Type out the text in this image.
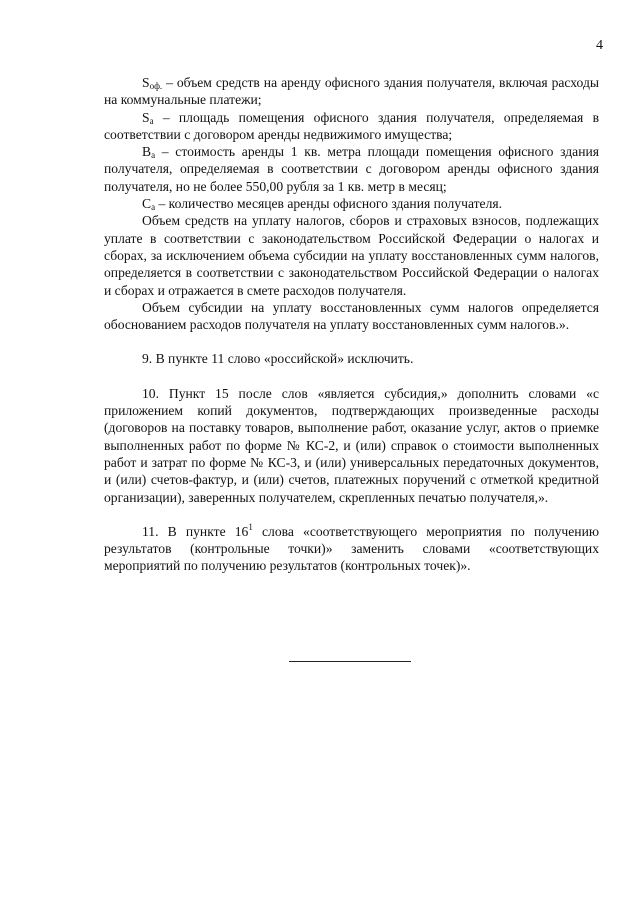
4

$S_{оф.}$ – объем средств на аренду офисного здания получателя, включая расходы на коммунальные платежи;

$S_а$ – площадь помещения офисного здания получателя, определяемая в соответствии с договором аренды недвижимого имущества;

$B_а$ – стоимость аренды 1 кв. метра площади помещения офисного здания получателя, определяемая в соответствии с договором аренды офисного здания получателя, но не более 550,00 рубля за 1 кв. метр в месяц;

$C_а$ – количество месяцев аренды офисного здания получателя.

Объем средств на уплату налогов, сборов и страховых взносов, подлежащих уплате в соответствии с законодательством Российской Федерации о налогах и сборах, за исключением объема субсидии на уплату восстановленных сумм налогов, определяется в соответствии с законодательством Российской Федерации о налогах и сборах и отражается в смете расходов получателя.

Объем субсидии на уплату восстановленных сумм налогов определяется обоснованием расходов получателя на уплату восстановленных сумм налогов.».

9. В пункте 11 слово «российской» исключить.

10. Пункт 15 после слов «является субсидия,» дополнить словами «с приложением копий документов, подтверждающих произведенные расходы (договоров на поставку товаров, выполнение работ, оказание услуг, актов о приемке выполненных работ по форме № КС-2, и (или) справок о стоимости выполненных работ и затрат по форме № КС-3, и (или) универсальных передаточных документов, и (или) счетов-фактур, и (или) счетов, платежных поручений с отметкой кредитной организации), заверенных получателем, скрепленных печатью получателя,».

11. В пункте $16^1$ слова «соответствующего мероприятия по получению результатов (контрольные точки)» заменить словами «соответствующих мероприятий по получению результатов (контрольных точек)».
